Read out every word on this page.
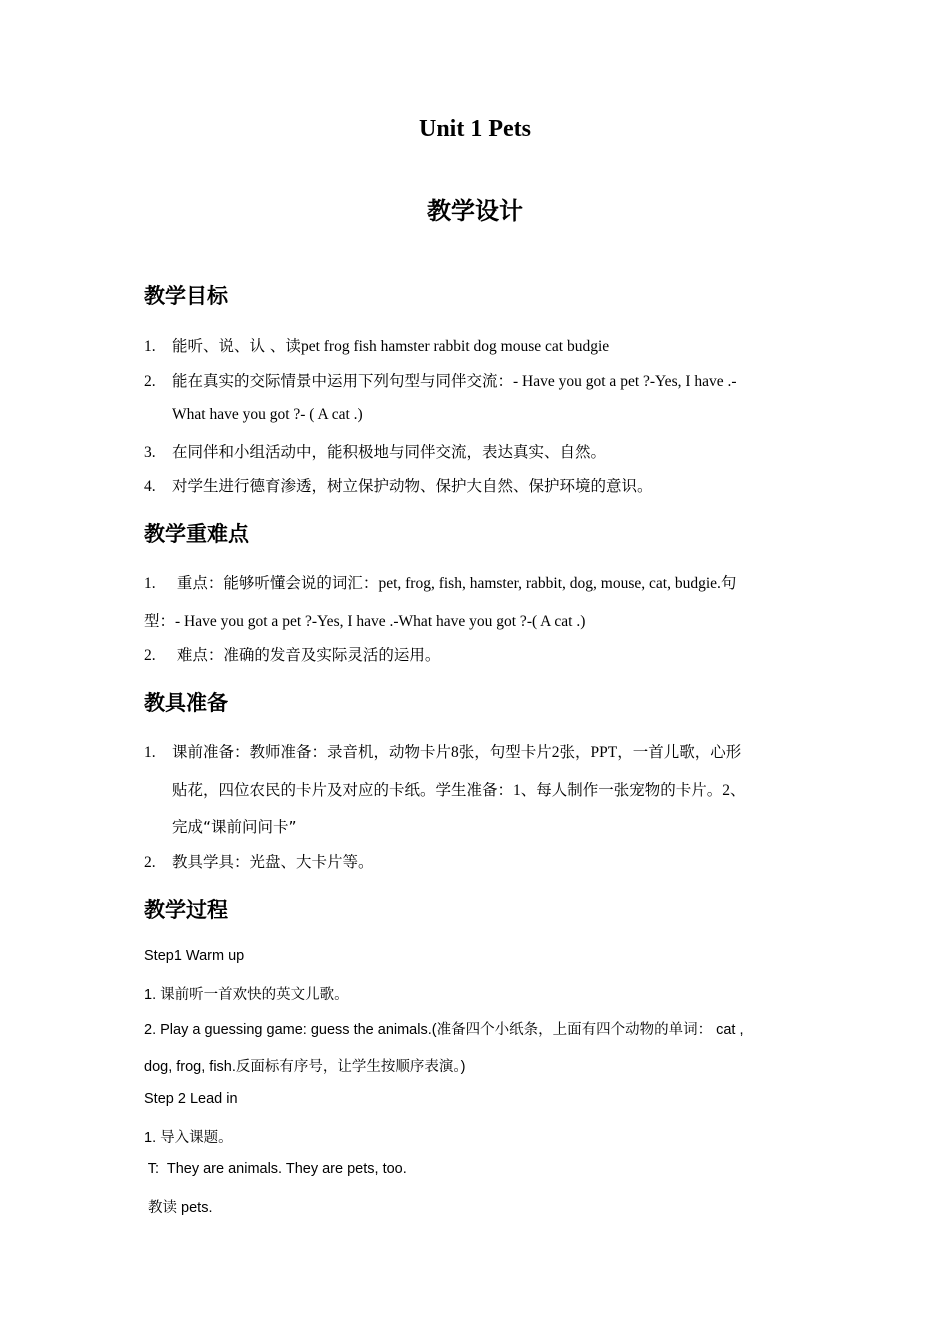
Unit 1 Pets
教学设计
教学目标
1. 能听、说、认 、读pet frog fish hamster rabbit dog mouse cat budgie
2. 能在真实的交际情景中运用下列句型与同伴交流：- Have you got a pet ?-Yes, I have .-
What have you got ?- ( A cat .)
3. 在同伴和小组活动中，能积极地与同伴交流，表达真实、自然。
4. 对学生进行德育渗透，树立保护动物、保护大自然、保护环境的意识。
教学重难点
1. 重点：能够听懂会说的词汇：pet, frog, fish, hamster, rabbit, dog, mouse, cat, budgie.句
型：- Have you got a pet ?-Yes, I have .-What have you got ?-( A cat .)
2. 难点：准确的发音及实际灵活的运用。
教具准备
1. 课前准备：教师准备：录音机，动物卡片8张，句型卡片2张，PPT，一首儿歌，心形
贴花，四位农民的卡片及对应的卡纸。学生准备：1、每人制作一张宠物的卡片。2、
完成“课前问问卡”
2. 教具学具：光盘、大卡片等。
教学过程
Step1 Warm up
1. 课前听一首欢快的英文儿歌。
2. Play a guessing game: guess the animals.(准备四个小纸条，上面有四个动物的单词： cat ,
dog, frog, fish.反面标有序号，让学生按顺序表演。)
Step 2 Lead in
1. 导入课题。
T:  They are animals. They are pets, too.
教读 pets.
